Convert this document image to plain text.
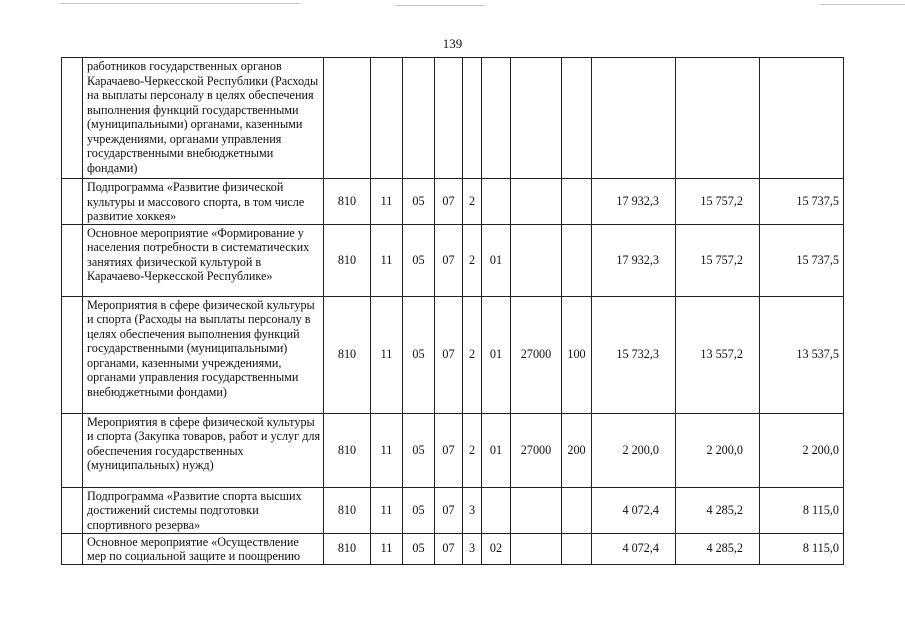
139
	работников государственных органов Карачаево-Черкесской Республики (Расходы на выплаты персоналу в целях обеспечения выполнения функций государственными (муниципальными) органами, казенными учреждениями, органами управления государственными внебюджетными фондами)											
	Подпрограмма «Развитие физической культуры и массового спорта, в том числе развитие хоккея»	810	11	05	07	2				17 932,3	15 757,2	15 737,5
	Основное мероприятие «Формирование у населения потребности в систематических занятиях физической культурой в Карачаево-Черкесской Республике»	810	11	05	07	2	01			17 932,3	15 757,2	15 737,5
	Мероприятия в сфере физической культуры и спорта (Расходы на выплаты персоналу в целях обеспечения выполнения функций государственными (муниципальными) органами, казенными учреждениями, органами управления государственными внебюджетными фондами)	810	11	05	07	2	01	27000	100	15 732,3	13 557,2	13 537,5
	Мероприятия в сфере физической культуры и спорта (Закупка товаров, работ и услуг для обеспечения государственных (муниципальных) нужд)	810	11	05	07	2	01	27000	200	2 200,0	2 200,0	2 200,0
	Подпрограмма «Развитие спорта высших достижений системы подготовки спортивного резерва»	810	11	05	07	3				4 072,4	4 285,2	8 115,0
	Основное мероприятие «Осуществление мер по социальной защите и поощрению	810	11	05	07	3	02			4 072,4	4 285,2	8 115,0
